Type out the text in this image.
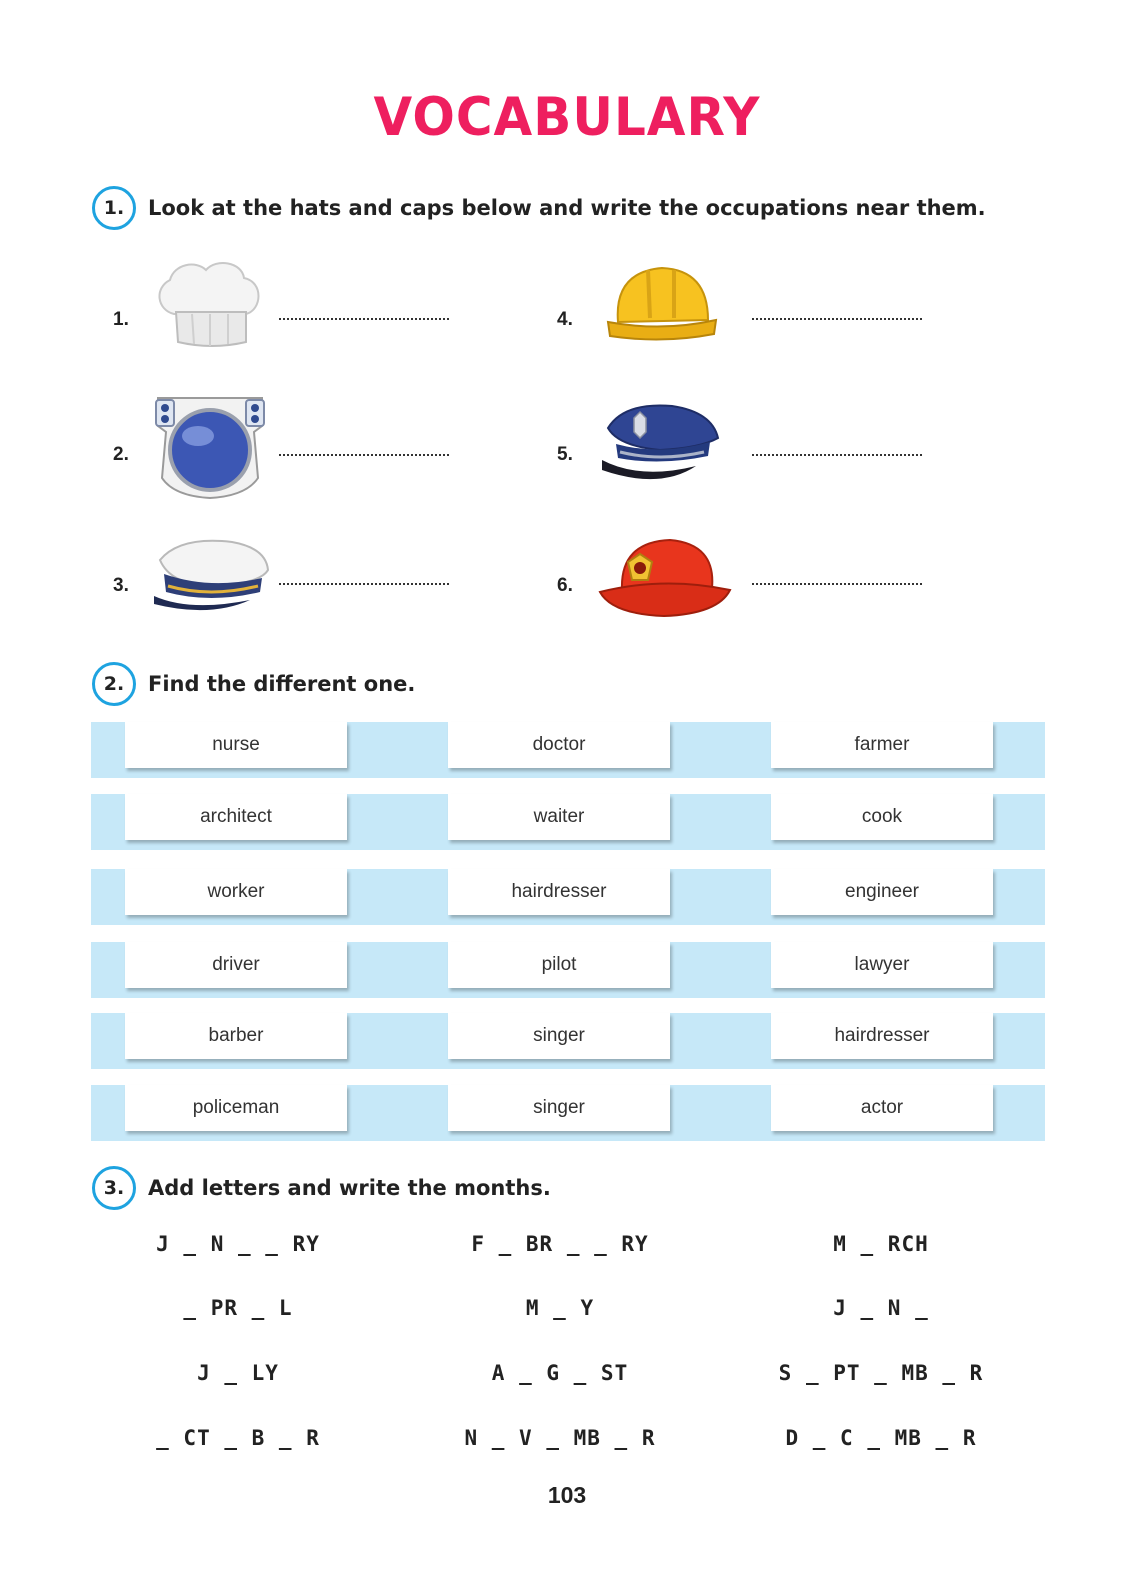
VOCABULARY
1.	Look at the hats and caps below and write the occupations near them.
1.
2.
3.
4.
5.
6.
2.	Find the different one.
nurse	doctor	farmer
architect	waiter	cook
worker	hairdresser	engineer
driver	pilot	lawyer
barber	singer	hairdresser
policeman	singer	actor
3.	Add letters and write the months.
J _ N _ _ RY	F _ BR _ _ RY	M _ RCH
_ PR _ L	M _ Y	J _ N _
J _ LY	A _ G _ ST	S _ PT _ MB _ R
_ CT _ B _ R	N _ V _ MB _ R	D _ C _ MB _ R
103
